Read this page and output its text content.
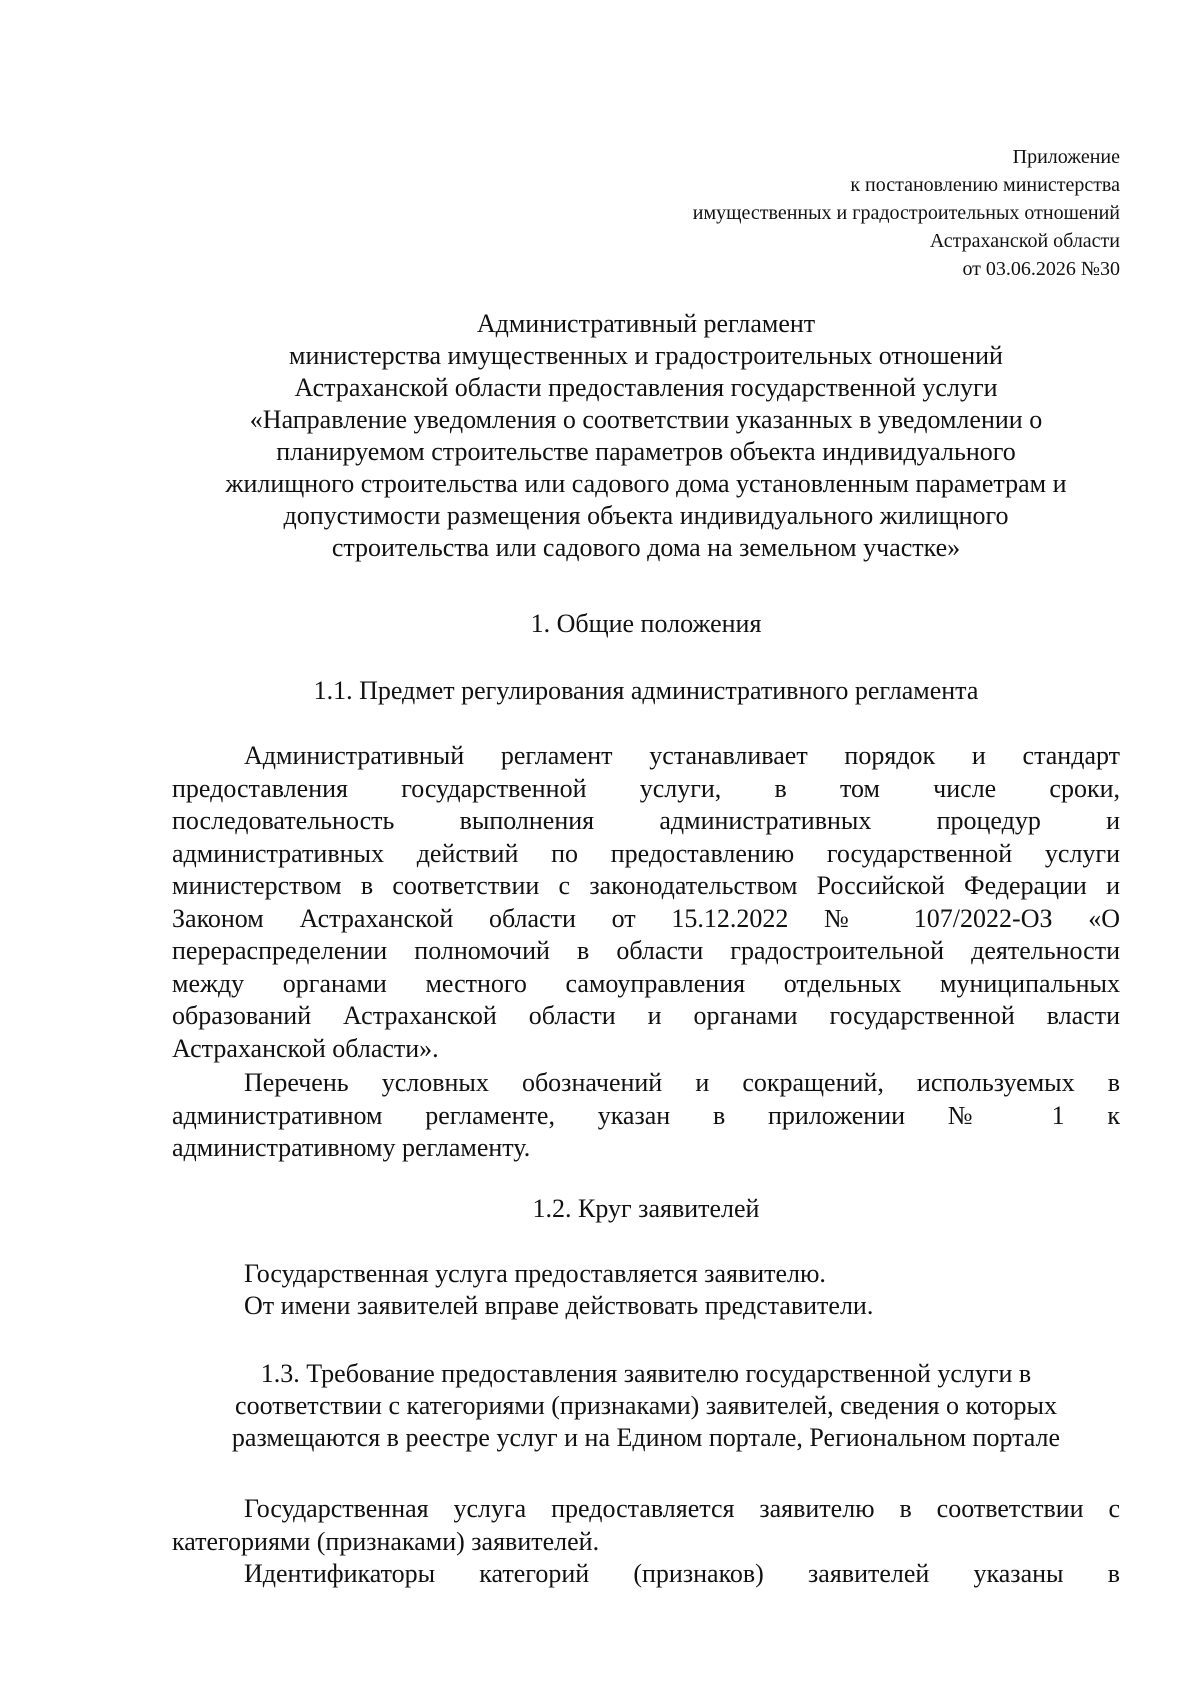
Приложение
к постановлению министерства
имущественных и градостроительных отношений
Астраханской области
от 03.06.2026 №30
Административный регламент
министерства имущественных и градостроительных отношений
Астраханской области предоставления государственной услуги
«Направление уведомления о соответствии указанных в уведомлении о
планируемом строительстве параметров объекта индивидуального
жилищного строительства или садового дома установленным параметрам и
допустимости размещения объекта индивидуального жилищного
строительства или садового дома на земельном участке»
1. Общие положения
1.1. Предмет регулирования административного регламента
Административный регламент устанавливает порядок и стандарт
предоставления государственной услуги, в том числе сроки,
последовательность выполнения административных процедур и
административных действий по предоставлению государственной услуги
министерством в соответствии с законодательством Российской Федерации и
Законом Астраханской области от 15.12.2022 № 107/2022-ОЗ «О
перераспределении полномочий в области градостроительной деятельности
между органами местного самоуправления отдельных муниципальных
образований Астраханской области и органами государственной власти
Астраханской области».
Перечень условных обозначений и сокращений, используемых в
административном регламенте, указан в приложении № 1 к
административному регламенту.
1.2. Круг заявителей
Государственная услуга предоставляется заявителю.
От имени заявителей вправе действовать представители.
1.3. Требование предоставления заявителю государственной услуги в
соответствии с категориями (признаками) заявителей, сведения о которых
размещаются в реестре услуг и на Едином портале, Региональном портале
Государственная услуга предоставляется заявителю в соответствии с
категориями (признаками) заявителей.
Идентификаторы категорий (признаков) заявителей указаны в
